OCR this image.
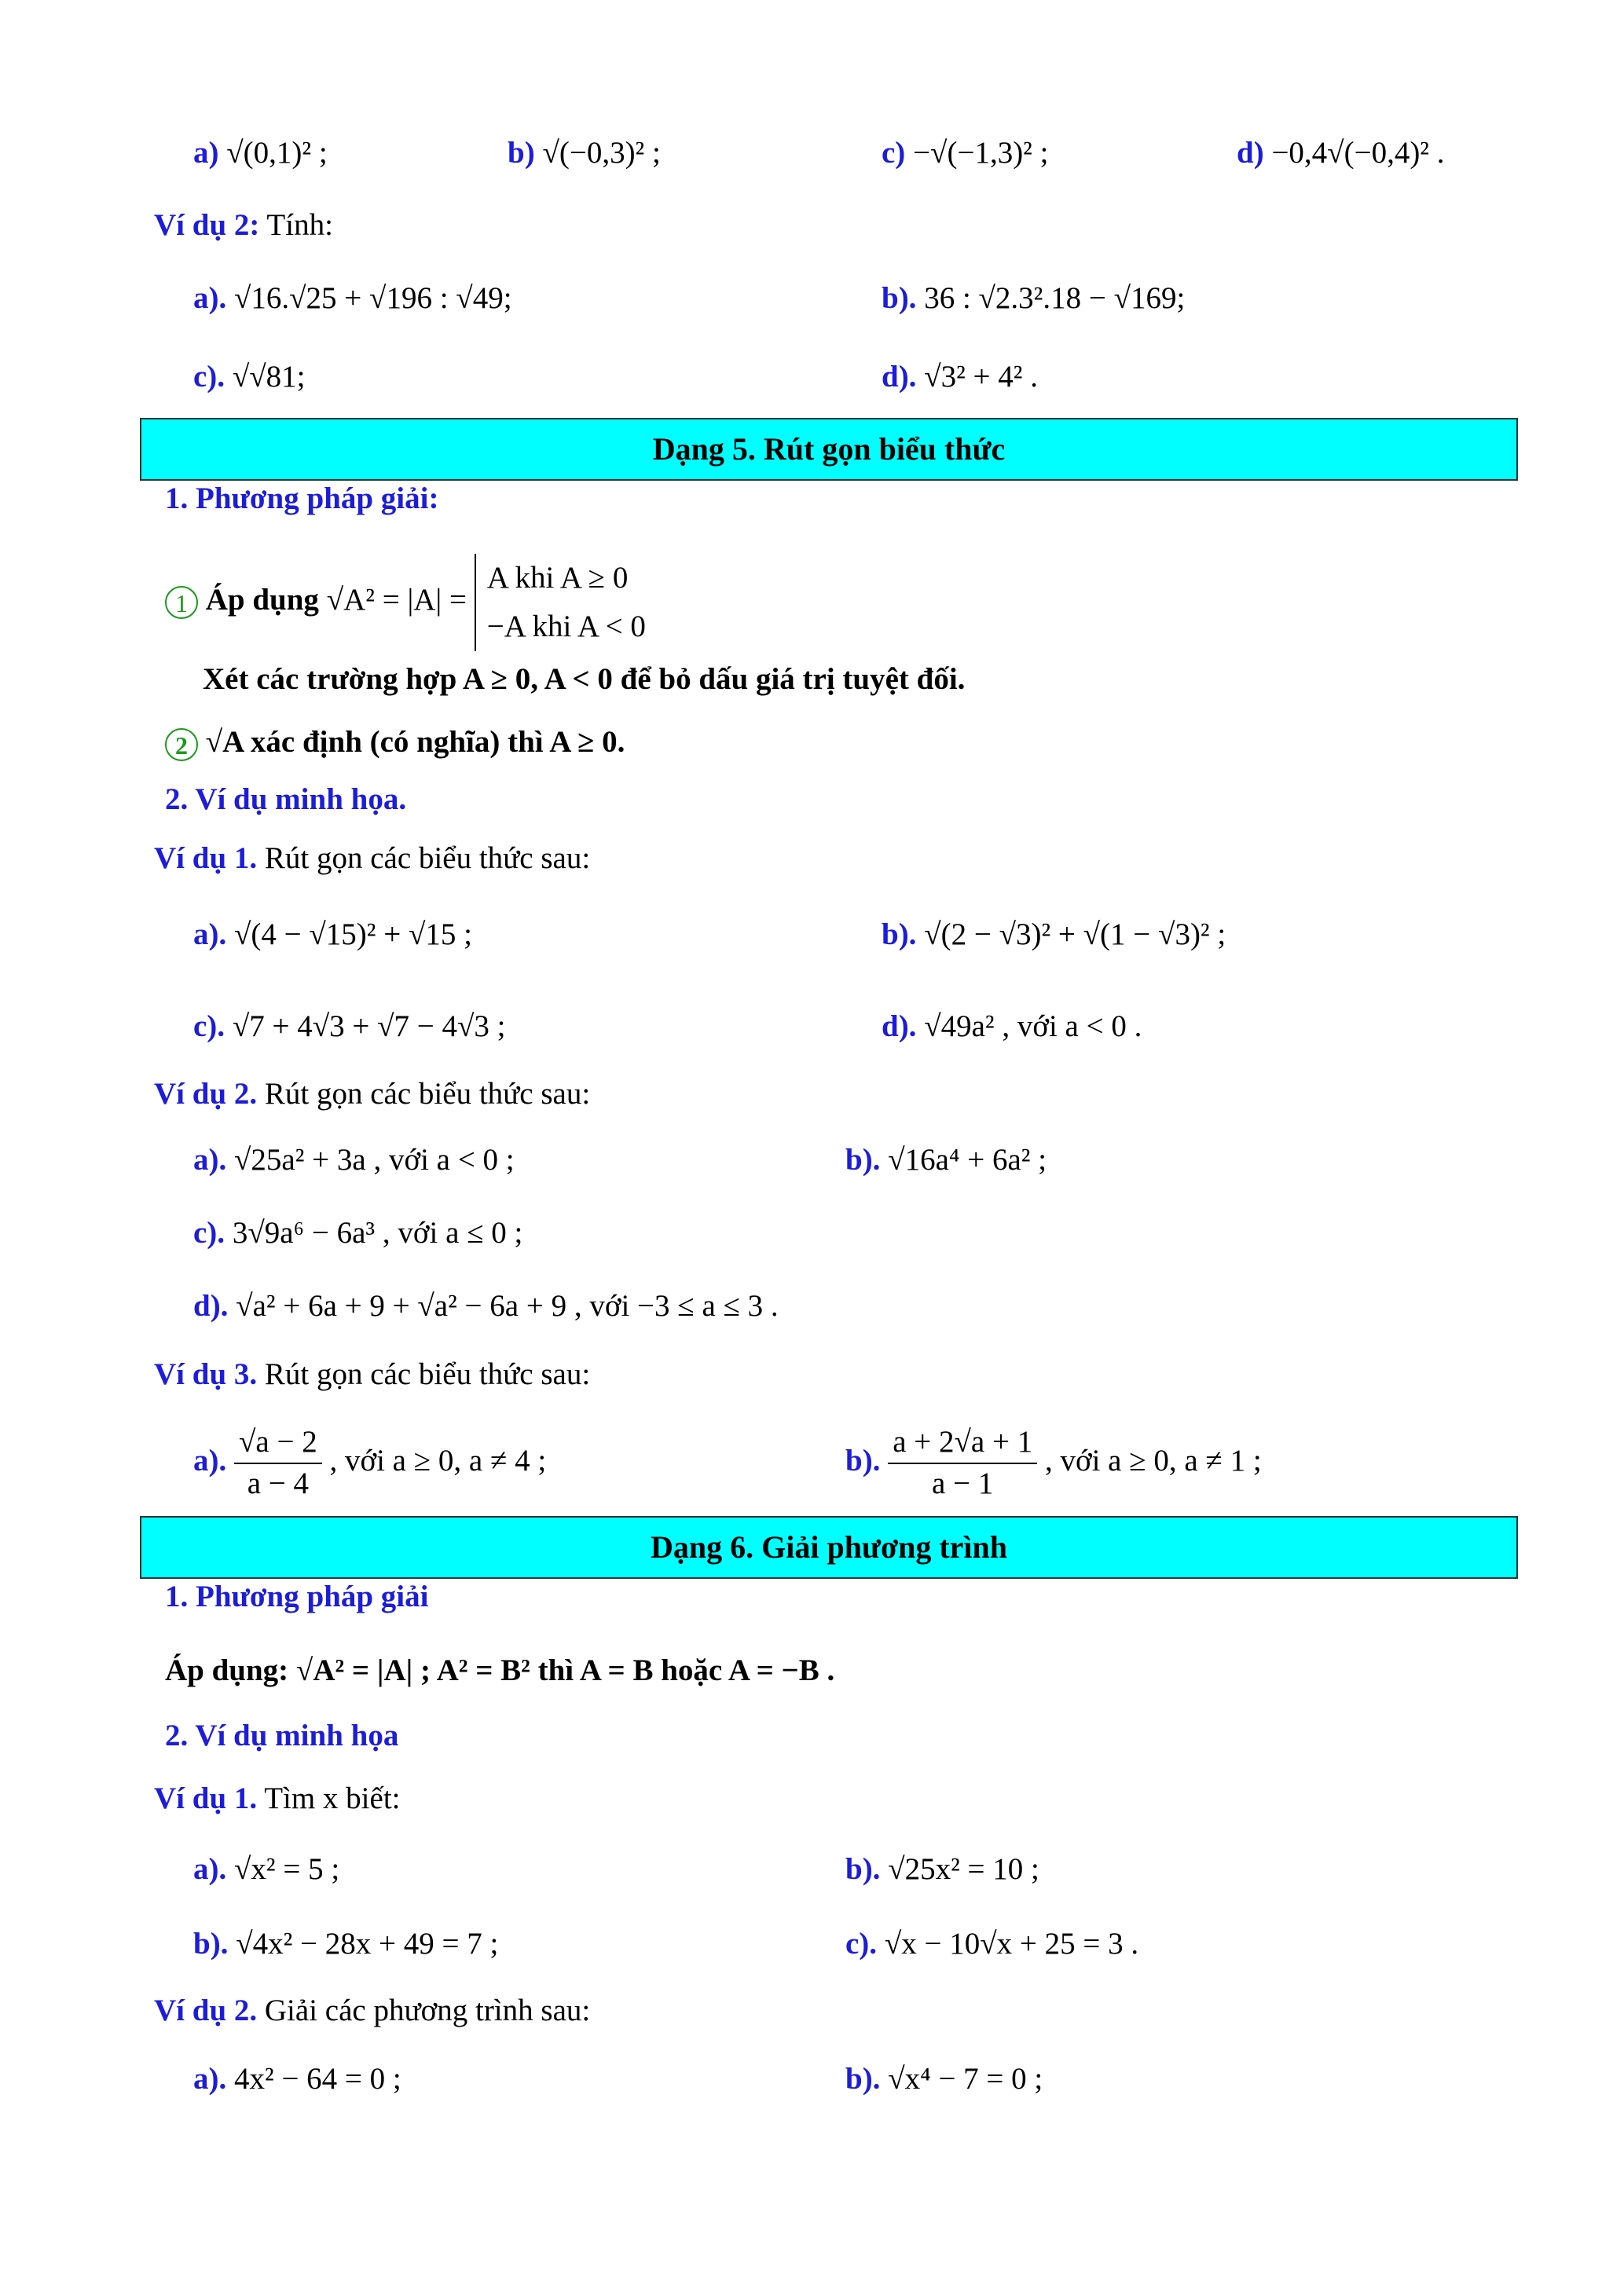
a) √(0,1)² ;	b) √(−0,3)² ;	c) −√(−1,3)² ;	d) −0,4√(−0,4)² .
Ví dụ 2: Tính:
a). √16.√25 + √196 : √49;	b). 36 : √2.3².18 − √169;
c). √√81;	d). √3² + 4² .
Dạng 5. Rút gọn biểu thức
1. Phương pháp giải:
1 Áp dụng √A² = |A| =
A khi A ≥ 0
−A khi A < 0
Xét các trường hợp A ≥ 0, A < 0 để bỏ dấu giá trị tuyệt đối.
2 √A xác định (có nghĩa) thì A ≥ 0.
2. Ví dụ minh họa.
Ví dụ 1. Rút gọn các biểu thức sau:
a). √(4 − √15)² + √15 ;	b). √(2 − √3)² + √(1 − √3)² ;
c). √7 + 4√3 + √7 − 4√3 ;	d). √49a² , với a < 0 .
Ví dụ 2. Rút gọn các biểu thức sau:
a). √25a² + 3a , với a < 0 ;	b). √16a⁴ + 6a² ;
c). 3√9a⁶ − 6a³ , với a ≤ 0 ;
d). √a² + 6a + 9 + √a² − 6a + 9 , với −3 ≤ a ≤ 3 .
Ví dụ 3. Rút gọn các biểu thức sau:
a). $\frac{√a - 2}{a - 4}$ , với a ≥ 0, a ≠ 4 ;	b). $\frac{a + 2√a + 1}{a - 1}$ , với a ≥ 0, a ≠ 1 ;
Dạng 6. Giải phương trình
1. Phương pháp giải
Áp dụng: √A² = |A| ; A² = B² thì A = B hoặc A = −B .
2. Ví dụ minh họa
Ví dụ 1. Tìm x biết:
a). √x² = 5 ;	b). √25x² = 10 ;
b). √4x² − 28x + 49 = 7 ;	c). √x − 10√x + 25 = 3 .
Ví dụ 2. Giải các phương trình sau:
a). 4x² − 64 = 0 ;	b). √x⁴ − 7 = 0 ;
